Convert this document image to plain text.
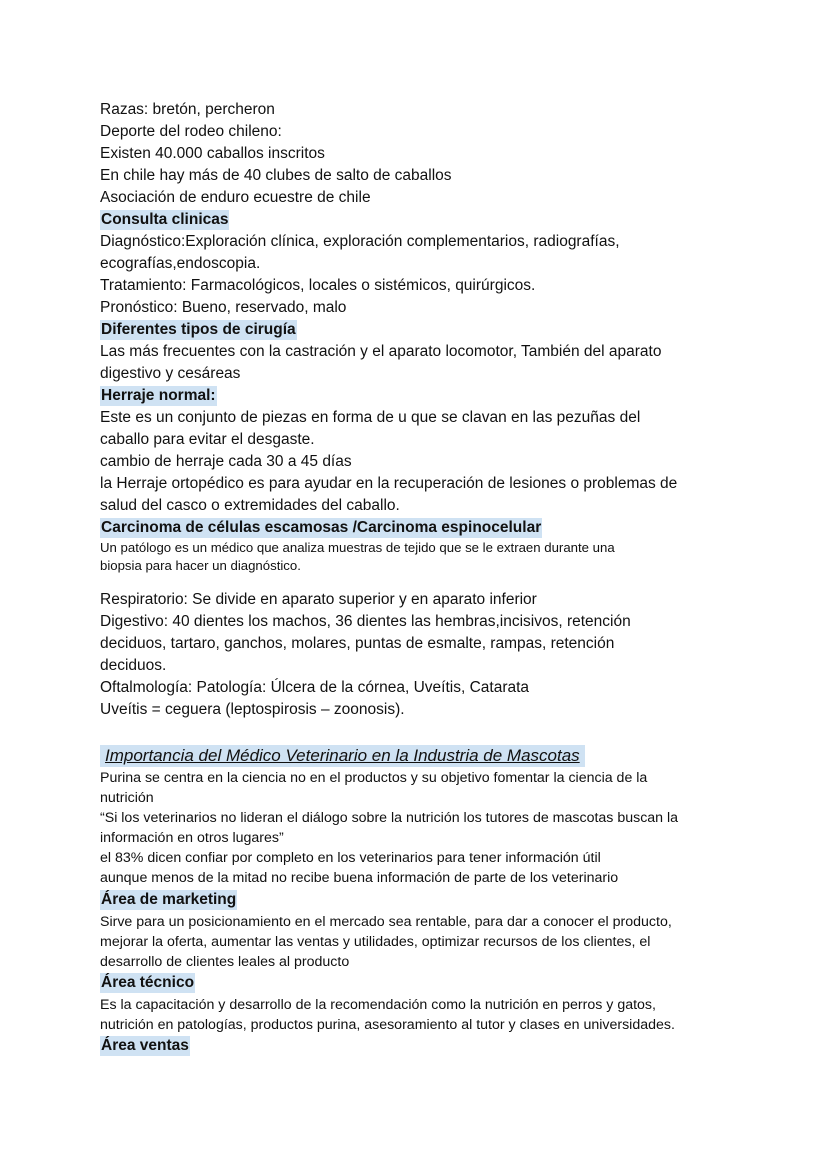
Razas: bretón, percheron
Deporte del rodeo chileno:
Existen 40.000 caballos inscritos
En chile hay más de 40 clubes de salto de caballos
Asociación de enduro ecuestre de chile
Consulta clinicas
Diagnóstico:Exploración clínica, exploración complementarios, radiografías,
ecografías,endoscopia.
Tratamiento: Farmacológicos, locales o sistémicos, quirúrgicos.
Pronóstico: Bueno, reservado, malo
Diferentes tipos de cirugía
Las más frecuentes con la castración y el aparato locomotor, También del aparato
digestivo y cesáreas
Herraje normal:
Este es un conjunto de piezas en forma de u que se clavan en las pezuñas del
caballo para evitar el desgaste.
cambio de herraje cada 30 a 45 días
la Herraje ortopédico es para ayudar en la recuperación de lesiones o problemas de
salud del casco o extremidades del caballo.
Carcinoma de células escamosas /Carcinoma espinocelular
Un patólogo es un médico que analiza muestras de tejido que se le extraen durante una
biopsia para hacer un diagnóstico.
Respiratorio: Se divide en aparato superior y en aparato inferior
Digestivo: 40 dientes los machos, 36 dientes las hembras,incisivos, retención
deciduos, tartaro, ganchos, molares, puntas de esmalte, rampas, retención
deciduos.
Oftalmología: Patología: Úlcera de la córnea, Uveítis, Catarata
Uveítis = ceguera (leptospirosis – zoonosis).
Importancia del Médico Veterinario en la Industria de Mascotas
Purina se centra en la ciencia no en el productos y su objetivo fomentar la ciencia de la
nutrición
“Si los veterinarios no lideran el diálogo sobre la nutrición los tutores de mascotas buscan la
información en otros lugares”
el 83% dicen confiar por completo en los veterinarios para tener información útil
aunque menos de la mitad no recibe buena información de parte de los veterinario
Área de marketing
Sirve para un posicionamiento en el mercado sea rentable, para dar a conocer el producto,
mejorar la oferta, aumentar las ventas y utilidades, optimizar recursos de los clientes, el
desarrollo de clientes leales al producto
Área técnico
Es la capacitación y desarrollo de la recomendación como la nutrición en perros y gatos,
nutrición en patologías, productos purina, asesoramiento al tutor y clases en universidades.
Área ventas
